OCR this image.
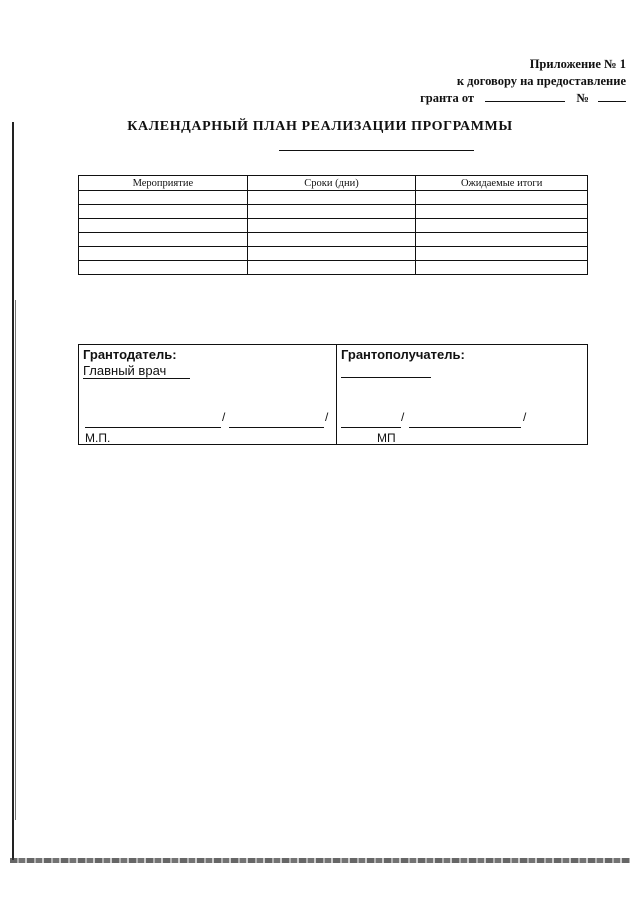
Приложение № 1
к договору на предоставление
гранта от	№
КАЛЕНДАРНЫЙ ПЛАН РЕАЛИЗАЦИИ ПРОГРАММЫ
Мероприятие	Сроки (дни)	Ожидаемые итоги

Грантодатель:
Главный врач
/	/
М.П.
Грантополучатель:
/	/
МП
